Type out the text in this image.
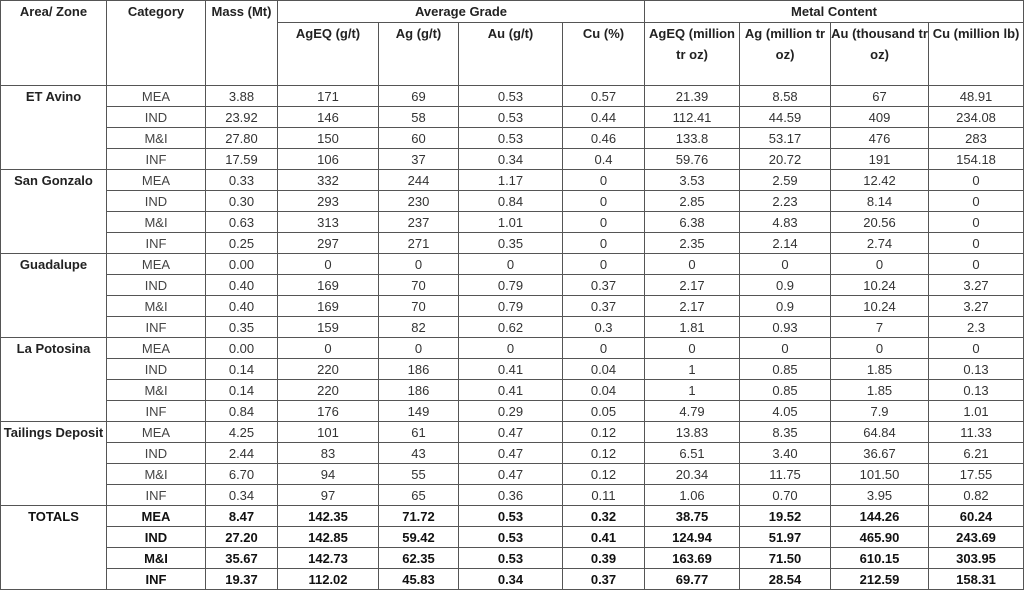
Area/ Zone	Category	Mass (Mt)	Average Grade				Metal Content			
			AgEQ (g/t)	Ag (g/t)	Au (g/t)	Cu (%)	AgEQ (million tr oz)	Ag (million tr oz)	Au (thousand tr oz)	Cu (million lb)
ET Avino	MEA	3.88	171	69	0.53	0.57	21.39	8.58	67	48.91
	IND	23.92	146	58	0.53	0.44	112.41	44.59	409	234.08
	M&I	27.80	150	60	0.53	0.46	133.8	53.17	476	283
	INF	17.59	106	37	0.34	0.4	59.76	20.72	191	154.18
San Gonzalo	MEA	0.33	332	244	1.17	0	3.53	2.59	12.42	0
	IND	0.30	293	230	0.84	0	2.85	2.23	8.14	0
	M&I	0.63	313	237	1.01	0	6.38	4.83	20.56	0
	INF	0.25	297	271	0.35	0	2.35	2.14	2.74	0
Guadalupe	MEA	0.00	0	0	0	0	0	0	0	0
	IND	0.40	169	70	0.79	0.37	2.17	0.9	10.24	3.27
	M&I	0.40	169	70	0.79	0.37	2.17	0.9	10.24	3.27
	INF	0.35	159	82	0.62	0.3	1.81	0.93	7	2.3
La Potosina	MEA	0.00	0	0	0	0	0	0	0	0
	IND	0.14	220	186	0.41	0.04	1	0.85	1.85	0.13
	M&I	0.14	220	186	0.41	0.04	1	0.85	1.85	0.13
	INF	0.84	176	149	0.29	0.05	4.79	4.05	7.9	1.01
Tailings Deposit	MEA	4.25	101	61	0.47	0.12	13.83	8.35	64.84	11.33
	IND	2.44	83	43	0.47	0.12	6.51	3.40	36.67	6.21
	M&I	6.70	94	55	0.47	0.12	20.34	11.75	101.50	17.55
	INF	0.34	97	65	0.36	0.11	1.06	0.70	3.95	0.82
TOTALS	MEA	8.47	142.35	71.72	0.53	0.32	38.75	19.52	144.26	60.24
	IND	27.20	142.85	59.42	0.53	0.41	124.94	51.97	465.90	243.69
	M&I	35.67	142.73	62.35	0.53	0.39	163.69	71.50	610.15	303.95
	INF	19.37	112.02	45.83	0.34	0.37	69.77	28.54	212.59	158.31
